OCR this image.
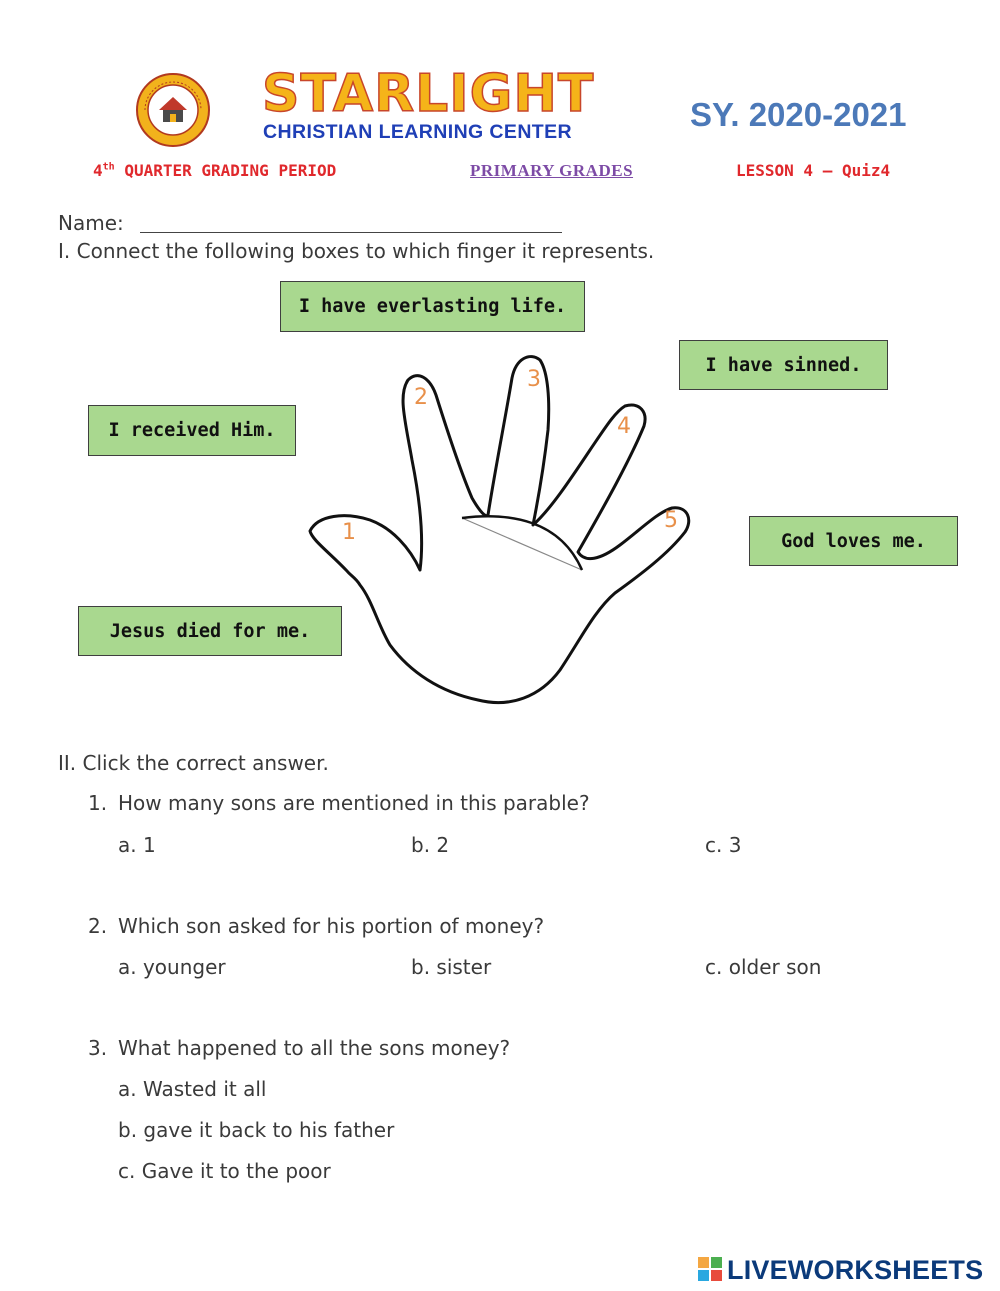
STARLIGHT
CHRISTIAN LEARNING CENTER	SY. 2020-2021
4th QUARTER GRADING PERIOD	PRIMARY GRADES	LESSON 4 – Quiz4
Name:
I. Connect the following boxes to which finger it represents.
I have everlasting life.
I have sinned.
I received Him.
God loves me.
Jesus died for me.
1
2
3
4
5
II. Click the correct answer.
1. How many sons are mentioned in this parable?
a. 1	b. 2	c. 3
2. Which son asked for his portion of money?
a. younger	b. sister	c. older son
3. What happened to all the sons money?
a. Wasted it all
b. gave it back to his father
c. Gave it to the poor
LIVEWORKSHEETS
